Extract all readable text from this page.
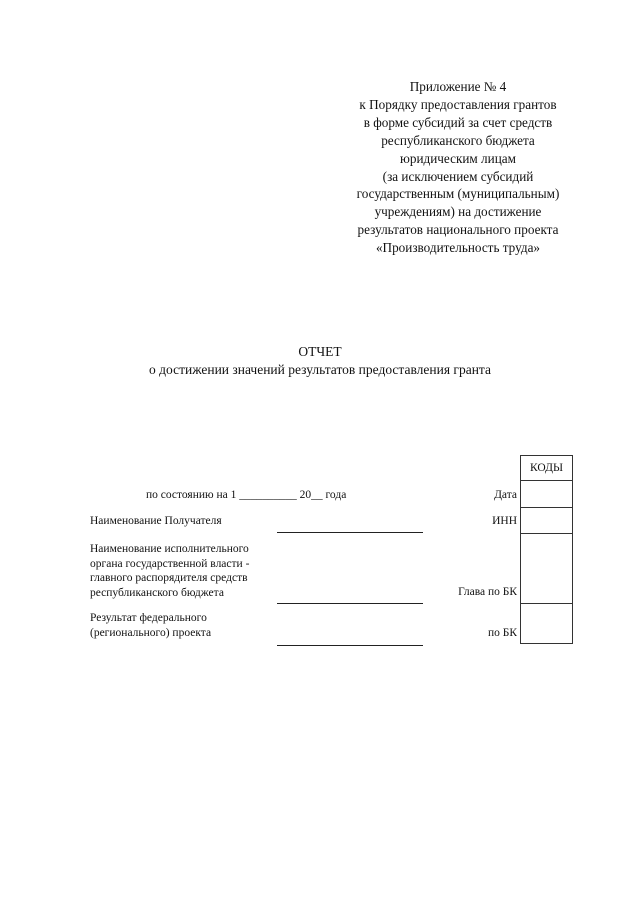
Приложение № 4
к Порядку предоставления грантов
в форме субсидий за счет средств
республиканского бюджета
юридическим лицам
(за исключением субсидий
государственным (муниципальным)
учреждениям) на достижение
результатов национального проекта
«Производительность труда»
ОТЧЕТ
о достижении значений результатов предоставления гранта
КОДЫ

по состоянию на 1 __________ 20__ года	Дата
Наименование Получателя	ИНН
Наименование исполнительного
органа государственной власти -
главного распорядителя средств
республиканского бюджета	Глава по БК
Результат федерального
(регионального) проекта	по БК
